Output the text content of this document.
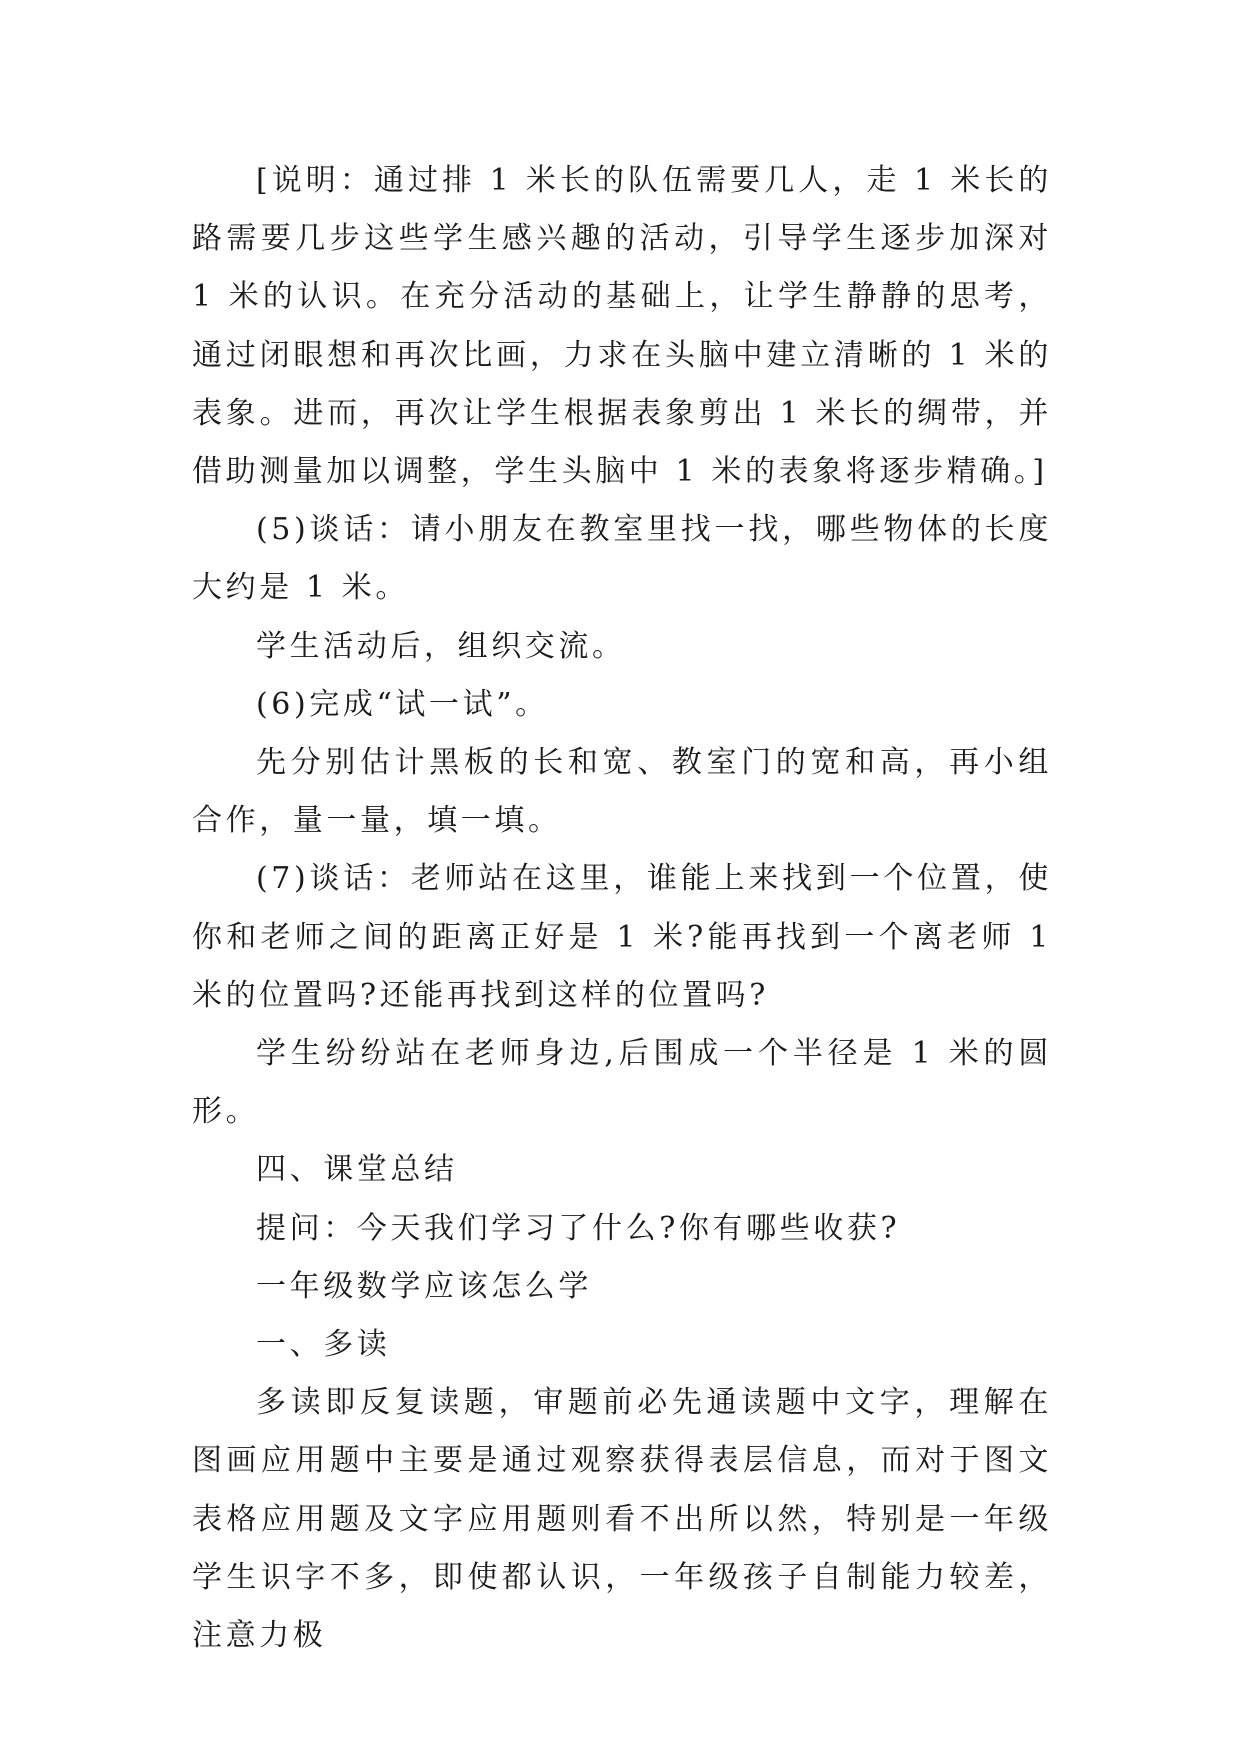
[说明：通过排 1 米长的队伍需要几人，走 1 米长的路需要几步这些学生感兴趣的活动，引导学生逐步加深对 1 米的认识。在充分活动的基础上，让学生静静的思考，通过闭眼想和再次比画，力求在头脑中建立清晰的 1 米的表象。进而，再次让学生根据表象剪出 1 米长的绸带，并借助测量加以调整，学生头脑中 1 米的表象将逐步精确。]

(5)谈话：请小朋友在教室里找一找，哪些物体的长度大约是 1 米。

学生活动后，组织交流。

(6)完成“试一试”。

先分别估计黑板的长和宽、教室门的宽和高，再小组合作，量一量，填一填。

(7)谈话：老师站在这里，谁能上来找到一个位置，使你和老师之间的距离正好是 1 米?能再找到一个离老师 1 米的位置吗?还能再找到这样的位置吗?

学生纷纷站在老师身边,后围成一个半径是 1 米的圆形。

四、课堂总结

提问：今天我们学习了什么?你有哪些收获?

一年级数学应该怎么学

一、多读

多读即反复读题，审题前必先通读题中文字，理解在图画应用题中主要是通过观察获得表层信息，而对于图文表格应用题及文字应用题则看不出所以然，特别是一年级学生识字不多，即使都认识，一年级孩子自制能力较差，注意力极
